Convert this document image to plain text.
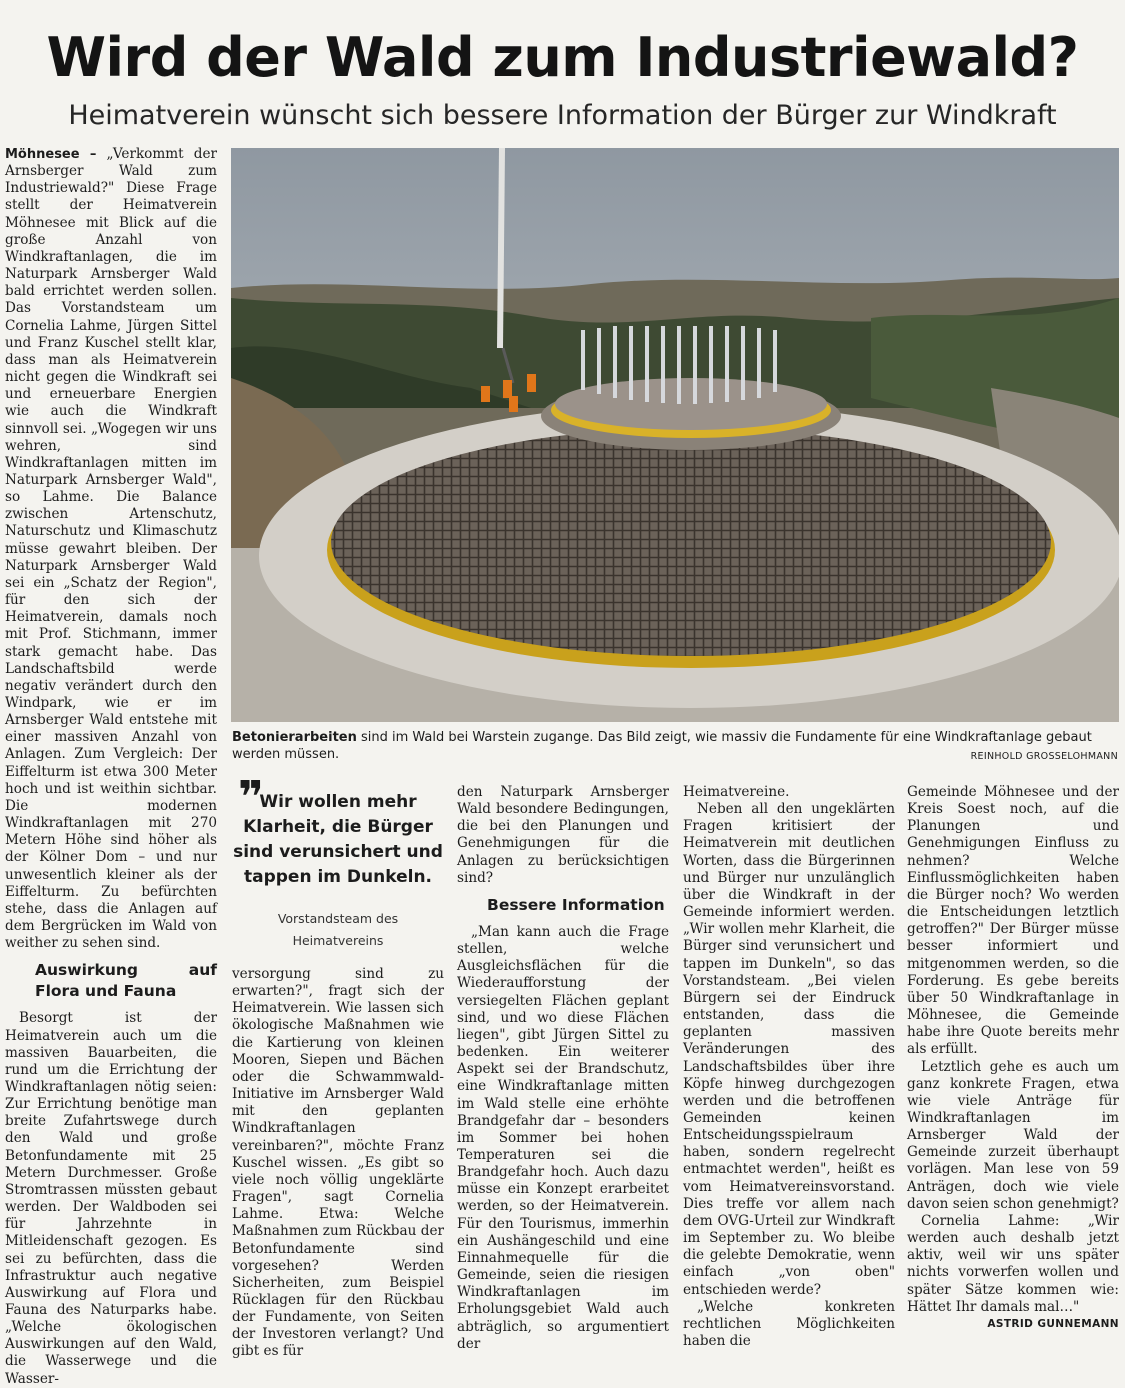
Wird der Wald zum Industriewald?
Heimatverein wünscht sich bessere Information der Bürger zur Windkraft

Möhnesee – „Verkommt der Arnsberger Wald zum Industriewald?" Diese Frage stellt der Heimatverein Möhnesee mit Blick auf die große Anzahl von Windkraftanlagen, die im Naturpark Arnsberger Wald bald errichtet werden sollen. Das Vorstandsteam um Cornelia Lahme, Jürgen Sittel und Franz Kuschel stellt klar, dass man als Heimatverein nicht gegen die Windkraft sei und erneuerbare Energien wie auch die Windkraft sinnvoll sei. „Wogegen wir uns wehren, sind Windkraftanlagen mitten im Naturpark Arnsberger Wald", so Lahme. Die Balance zwischen Artenschutz, Naturschutz und Klimaschutz müsse gewahrt bleiben. Der Naturpark Arnsberger Wald sei ein „Schatz der Region", für den sich der Heimatverein, damals noch mit Prof. Stichmann, immer stark gemacht habe. Das Landschaftsbild werde negativ verändert durch den Windpark, wie er im Arnsberger Wald entstehe mit einer massiven Anzahl von Anlagen. Zum Vergleich: Der Eiffelturm ist etwa 300 Meter hoch und ist weithin sichtbar. Die modernen Windkraftanlagen mit 270 Metern Höhe sind höher als der Kölner Dom – und nur unwesentlich kleiner als der Eiffelturm. Zu befürchten stehe, dass die Anlagen auf dem Bergrücken im Wald von weither zu sehen sind.

Auswirkung auf Flora und Fauna

Besorgt ist der Heimatverein auch um die massiven Bauarbeiten, die rund um die Errichtung der Windkraftanlagen nötig seien: Zur Errichtung benötige man breite Zufahrtswege durch den Wald und große Betonfundamente mit 25 Metern Durchmesser. Große Stromtrassen müssten gebaut werden. Der Waldboden sei für Jahrzehnte in Mitleidenschaft gezogen. Es sei zu befürchten, dass die Infrastruktur auch negative Auswirkung auf Flora und Fauna des Naturparks habe. „Welche ökologischen Auswirkungen auf den Wald, die Wasserwege und die Wasser-

Betonierarbeiten sind im Wald bei Warstein zugange. Das Bild zeigt, wie massiv die Fundamente für eine Windkraftanlage gebaut werden müssen.	REINHOLD GROSSELOHMANN
❞
Wir wollen mehr Klarheit, die Bürger sind verunsichert und tappen im Dunkeln.
Vorstandsteam des Heimatvereins

versorgung sind zu erwarten?", fragt sich der Heimatverein. Wie lassen sich ökologische Maßnahmen wie die Kartierung von kleinen Mooren, Siepen und Bächen oder die Schwammwald-Initiative im Arnsberger Wald mit den geplanten Windkraftanlagen vereinbaren?", möchte Franz Kuschel wissen. „Es gibt so viele noch völlig ungeklärte Fragen", sagt Cornelia Lahme. Etwa: Welche Maßnahmen zum Rückbau der Betonfundamente sind vorgesehen? Werden Sicherheiten, zum Beispiel Rücklagen für den Rückbau der Fundamente, von Seiten der Investoren verlangt? Und gibt es für

den Naturpark Arnsberger Wald besondere Bedingungen, die bei den Planungen und Genehmigungen für die Anlagen zu berücksichtigen sind?

Bessere Information

„Man kann auch die Frage stellen, welche Ausgleichsflächen für die Wiederaufforstung der versiegelten Flächen geplant sind, und wo diese Flächen liegen", gibt Jürgen Sittel zu bedenken. Ein weiterer Aspekt sei der Brandschutz, eine Windkraftanlage mitten im Wald stelle eine erhöhte Brandgefahr dar – besonders im Sommer bei hohen Temperaturen sei die Brandgefahr hoch. Auch dazu müsse ein Konzept erarbeitet werden, so der Heimatverein. Für den Tourismus, immerhin ein Aushängeschild und eine Einnahmequelle für die Gemeinde, seien die riesigen Windkraftanlagen im Erholungsgebiet Wald auch abträglich, so argumentiert der

Heimatvereine.

Neben all den ungeklärten Fragen kritisiert der Heimatverein mit deutlichen Worten, dass die Bürgerinnen und Bürger nur unzulänglich über die Windkraft in der Gemeinde informiert werden. „Wir wollen mehr Klarheit, die Bürger sind verunsichert und tappen im Dunkeln", so das Vorstandsteam. „Bei vielen Bürgern sei der Eindruck entstanden, dass die geplanten massiven Veränderungen des Landschaftsbildes über ihre Köpfe hinweg durchgezogen werden und die betroffenen Gemeinden keinen Entscheidungsspielraum haben, sondern regelrecht entmachtet werden", heißt es vom Heimatvereinsvorstand. Dies treffe vor allem nach dem OVG-Urteil zur Windkraft im September zu. Wo bleibe die gelebte Demokratie, wenn einfach „von oben" entschieden werde?

„Welche konkreten rechtlichen Möglichkeiten haben die

Gemeinde Möhnesee und der Kreis Soest noch, auf die Planungen und Genehmigungen Einfluss zu nehmen? Welche Einflussmöglichkeiten haben die Bürger noch? Wo werden die Entscheidungen letztlich getroffen?" Der Bürger müsse besser informiert und mitgenommen werden, so die Forderung. Es gebe bereits über 50 Windkraftanlage in Möhnesee, die Gemeinde habe ihre Quote bereits mehr als erfüllt.

Letztlich gehe es auch um ganz konkrete Fragen, etwa wie viele Anträge für Windkraftanlagen im Arnsberger Wald der Gemeinde zurzeit überhaupt vorlägen. Man lese von 59 Anträgen, doch wie viele davon seien schon genehmigt?

Cornelia Lahme: „Wir werden auch deshalb jetzt aktiv, weil wir uns später nichts vorwerfen wollen und später Sätze kommen wie: Hättet Ihr damals mal…"

ASTRID GUNNEMANN
